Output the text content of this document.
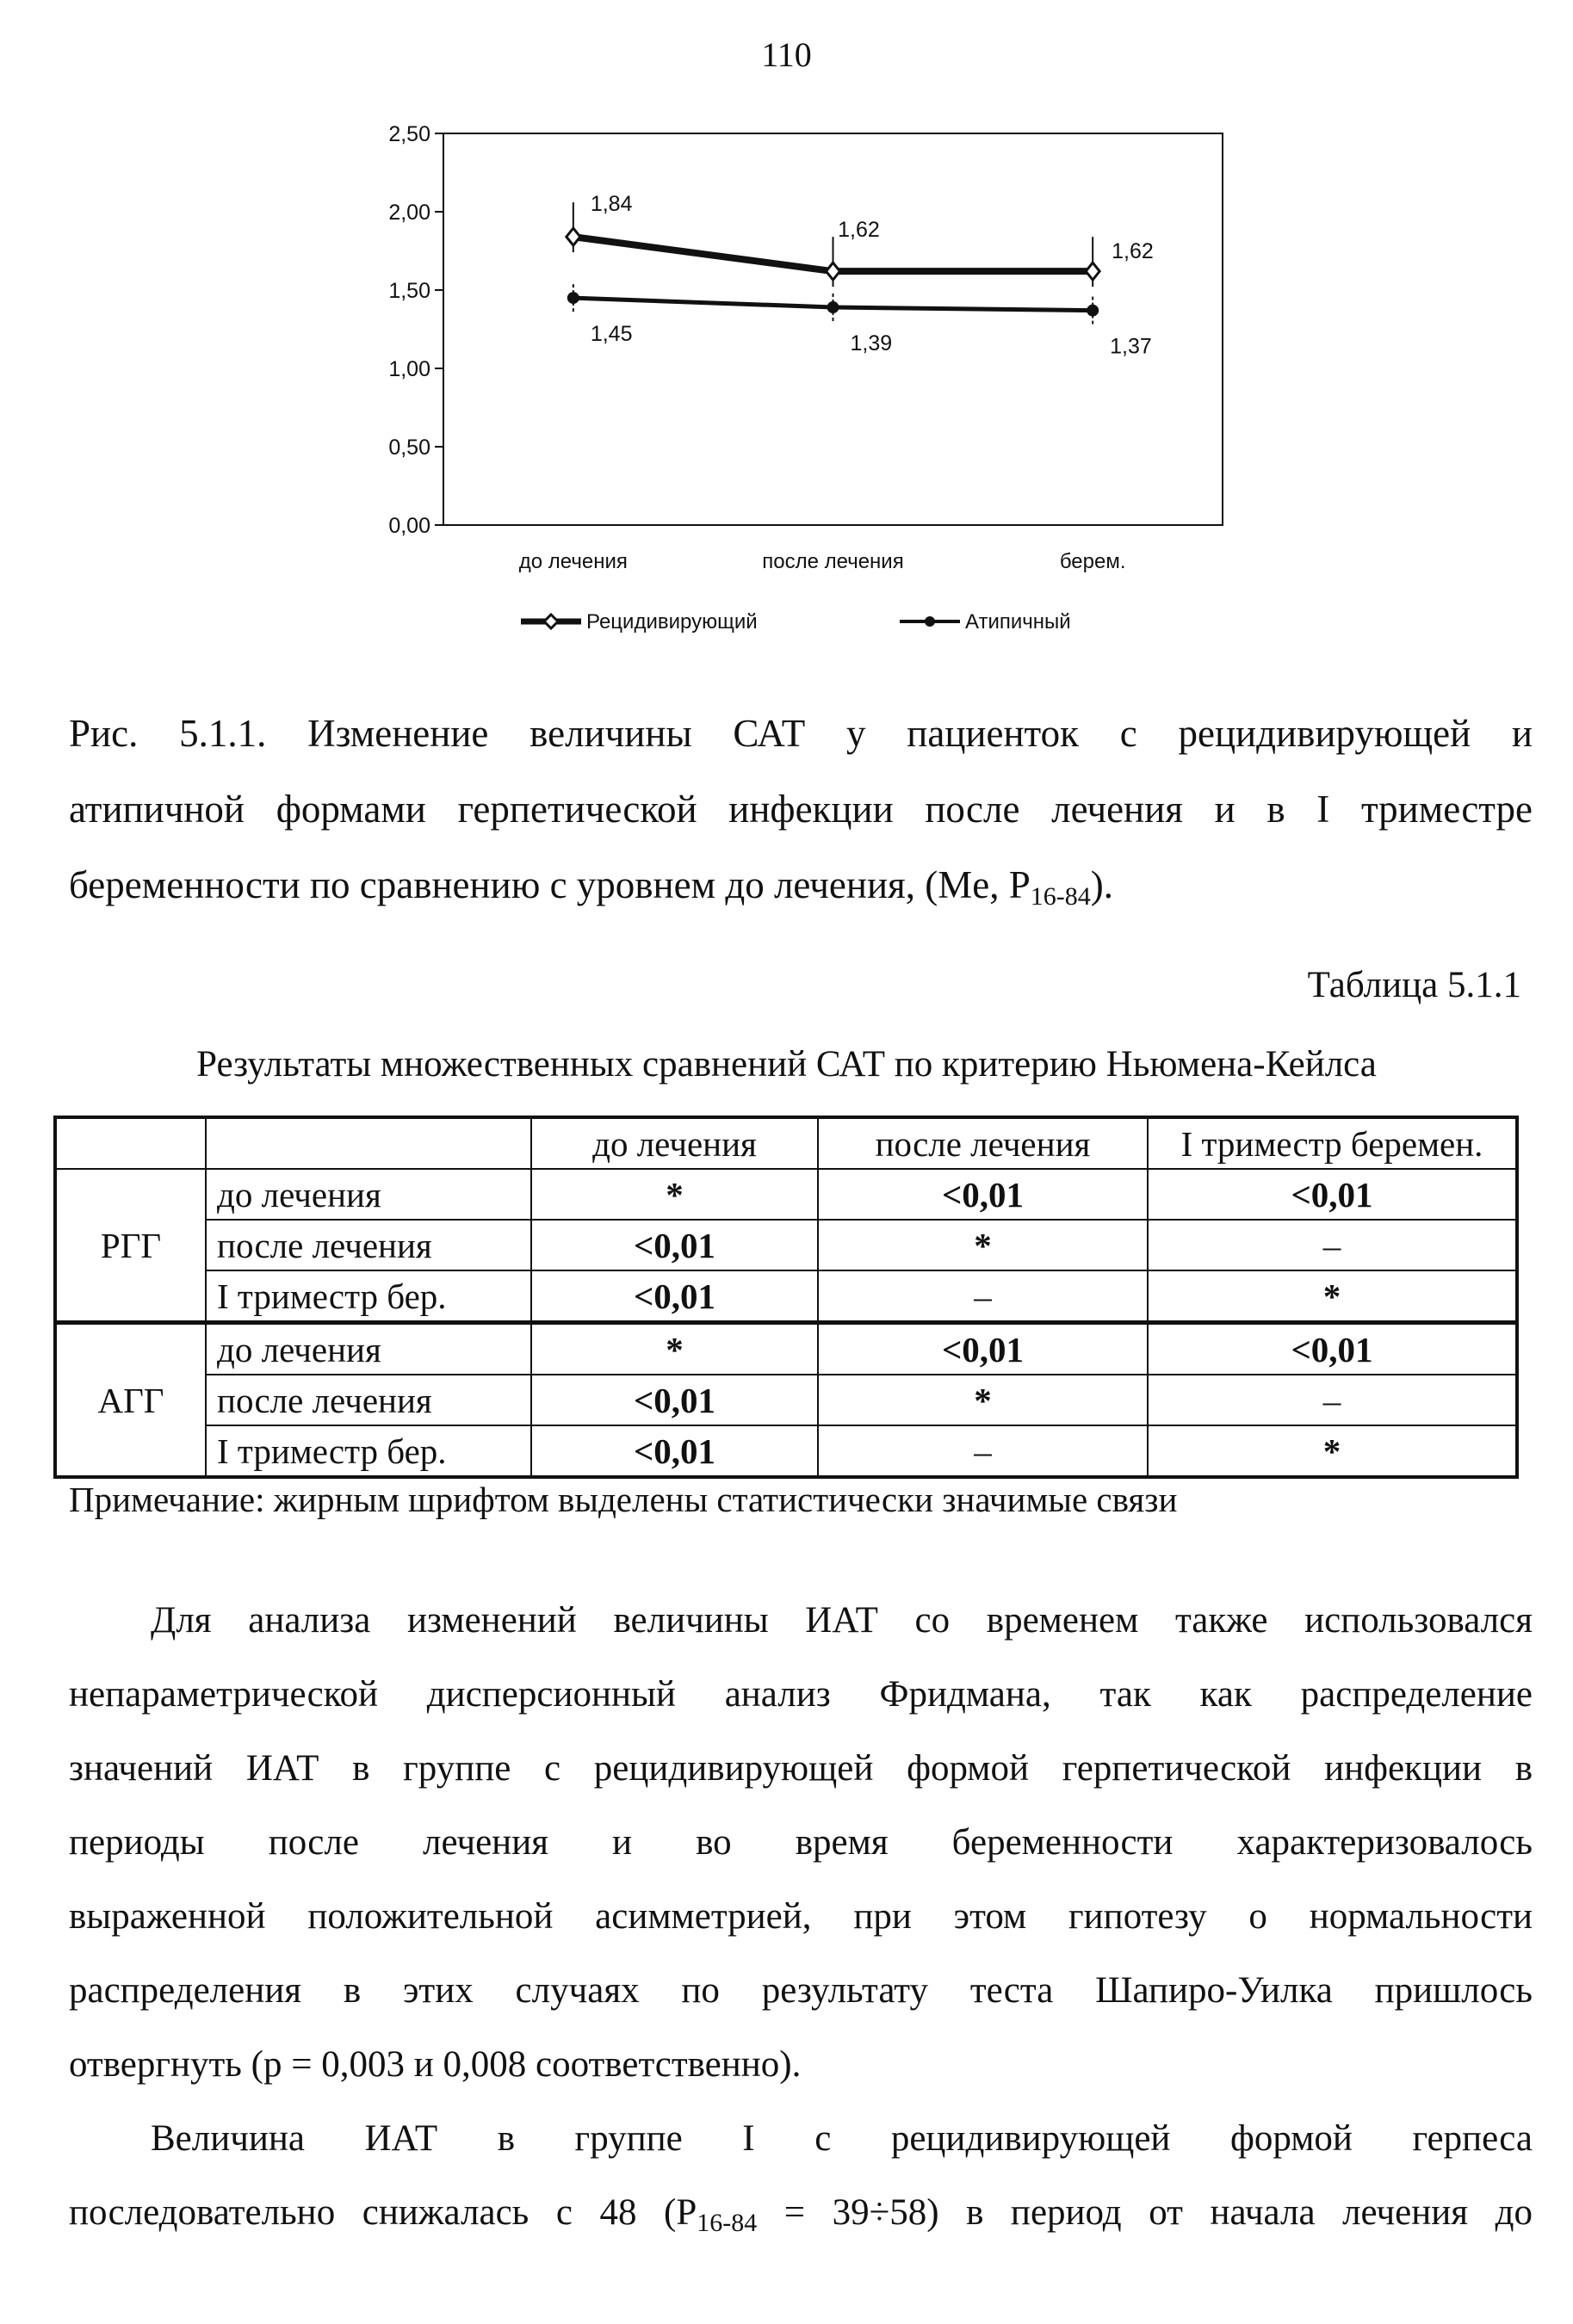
110
0,00
0,50
1,00
1,50
2,00
2,50
до лечения	после лечения	берем.
1,84
1,62
1,62
1,45	1,39	1,37
Рецидивирующий	Атипичный
Рис. 5.1.1. Изменение величины САТ у пациенток с рецидивирующей и
атипичной формами герпетической инфекции после лечения и в I триместре
беременности по сравнению с уровнем до лечения, (Me, $P_{16-84}$).
Таблица 5.1.1
Результаты множественных сравнений САТ по критерию Ньюмена-Кейлса
		до лечения	после лечения	I триместр беремен.
РГГ	до лечения	*	<0,01	<0,01
	после лечения	<0,01	*	–
	I триместр бер.	<0,01	–	*
АГГ	до лечения	*	<0,01	<0,01
	после лечения	<0,01	*	–
	I триместр бер.	<0,01	–	*
Примечание: жирным шрифтом выделены статистически значимые связи
Для анализа изменений величины ИАТ со временем также использовался
непараметрической дисперсионный анализ Фридмана, так как распределение
значений ИАТ в группе с рецидивирующей формой герпетической инфекции в
периоды после лечения и во время беременности характеризовалось
выраженной положительной асимметрией, при этом гипотезу о нормальности
распределения в этих случаях по результату теста Шапиро-Уилка пришлось
отвергнуть (p = 0,003 и 0,008 соответственно).
Величина ИАТ в группе I с рецидивирующей формой герпеса
последовательно снижалась с 48 $(P_{16-84} = 39\div 58)$ в период от начала лечения до
